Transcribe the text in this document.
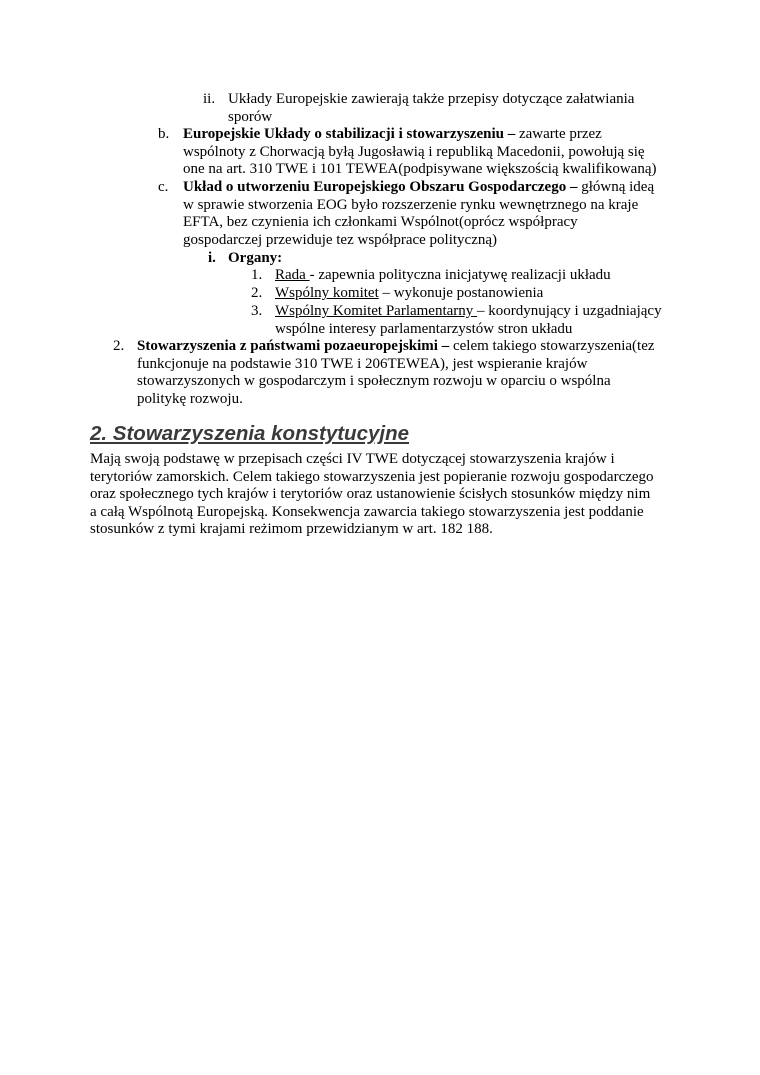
ii. Układy Europejskie zawierają także przepisy dotyczące załatwiania
sporów
b. Europejskie Układy o stabilizacji i stowarzyszeniu – zawarte przez
wspólnoty z Chorwacją byłą Jugosławią i republiką Macedonii, powołują się
one na art. 310 TWE i 101 TEWEA(podpisywane większością kwalifikowaną)
c. Układ o utworzeniu Europejskiego Obszaru Gospodarczego – główną ideą
w sprawie stworzenia EOG było rozszerzenie rynku wewnętrznego na kraje
EFTA, bez czynienia ich członkami Wspólnot(oprócz współpracy
gospodarczej przewiduje tez współprace polityczną)
i. Organy:
1. Rada - zapewnia polityczna inicjatywę realizacji układu
2. Wspólny komitet – wykonuje postanowienia
3. Wspólny Komitet Parlamentarny – koordynujący i uzgadniający
wspólne interesy parlamentarzystów stron układu
2. Stowarzyszenia z państwami pozaeuropejskimi – celem takiego stowarzyszenia(tez
funkcjonuje na podstawie 310 TWE i 206TEWEA), jest wspieranie krajów
stowarzyszonych w gospodarczym i społecznym rozwoju w oparciu o wspólna
politykę rozwoju.
2. Stowarzyszenia konstytucyjne
Mają swoją podstawę w przepisach części IV TWE dotyczącej stowarzyszenia krajów i
terytoriów zamorskich. Celem takiego stowarzyszenia jest popieranie rozwoju gospodarczego
oraz społecznego tych krajów i terytoriów oraz ustanowienie ścisłych stosunków między nim
a całą Wspólnotą Europejską. Konsekwencja zawarcia takiego stowarzyszenia jest poddanie
stosunków z tymi krajami reżimom przewidzianym w art. 182 188.
